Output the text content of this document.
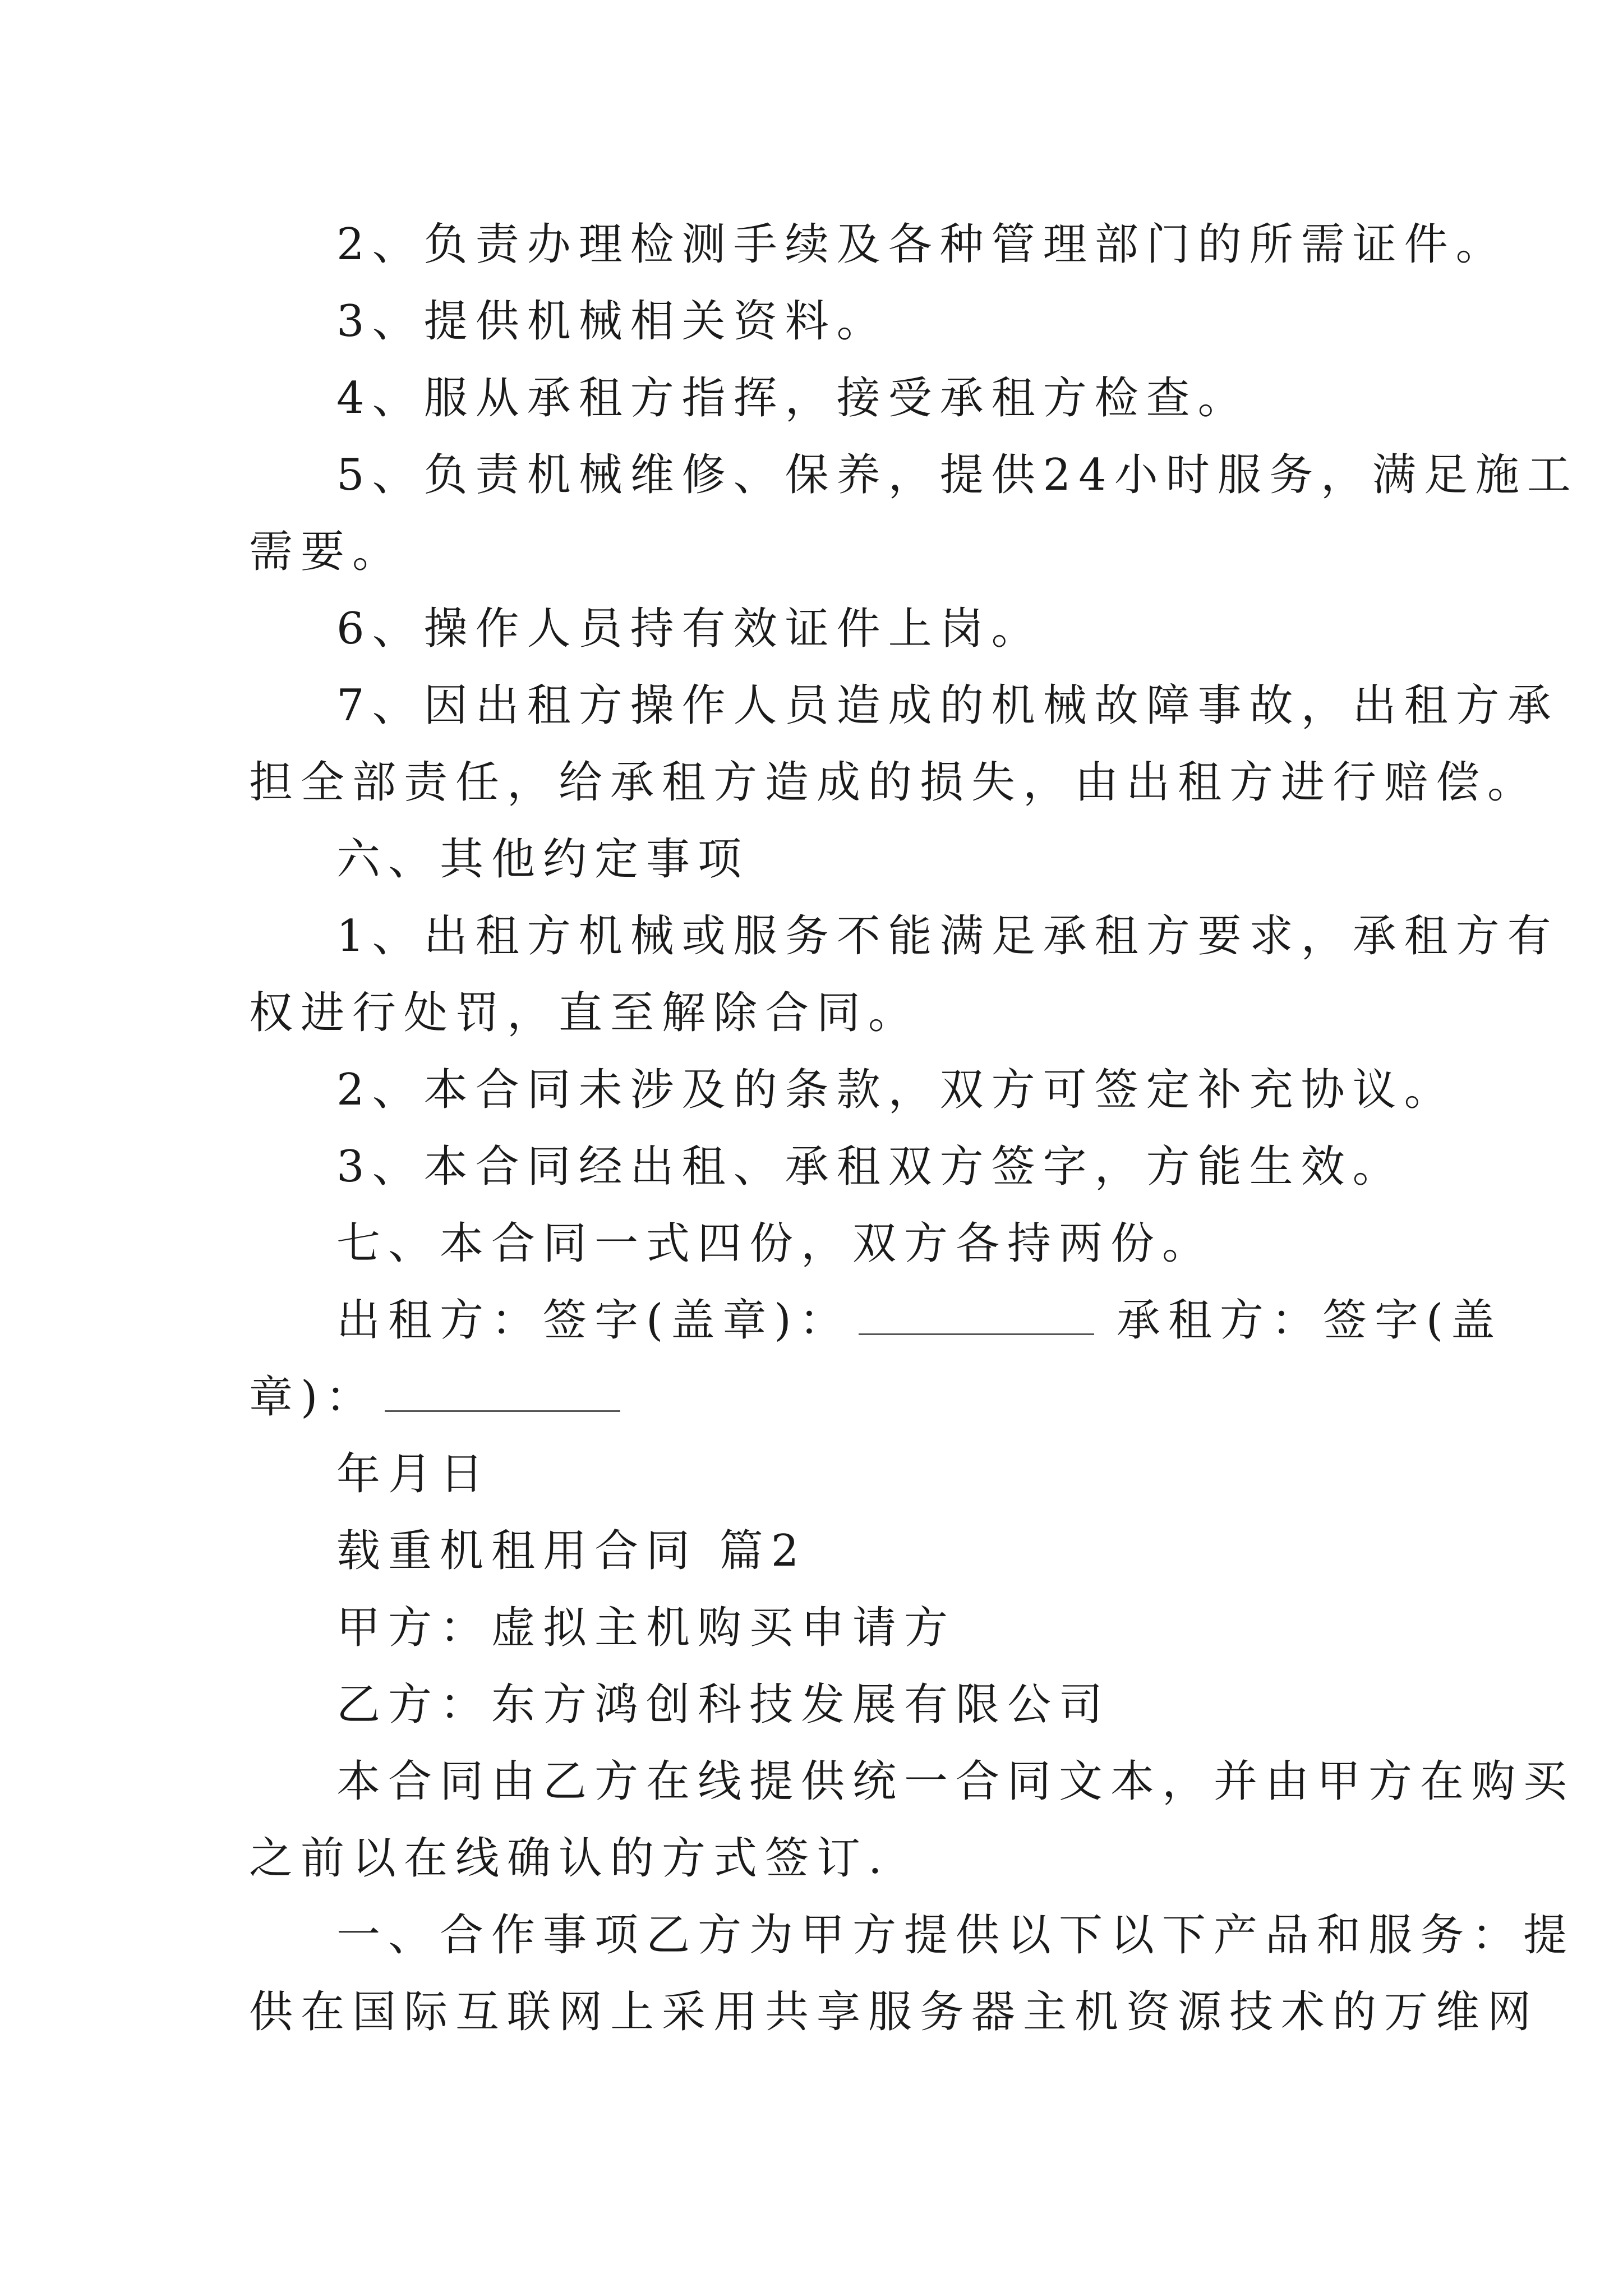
2、负责办理检测手续及各种管理部门的所需证件。
3、提供机械相关资料。
4、服从承租方指挥，接受承租方检查。
5、负责机械维修、保养，提供24小时服务，满足施工
需要。
6、操作人员持有效证件上岗。
7、因出租方操作人员造成的机械故障事故，出租方承
担全部责任，给承租方造成的损失，由出租方进行赔偿。
六、其他约定事项
1、出租方机械或服务不能满足承租方要求，承租方有
权进行处罚，直至解除合同。
2、本合同未涉及的条款，双方可签定补充协议。
3、本合同经出租、承租双方签字，方能生效。
七、本合同一式四份，双方各持两份。
出租方：签字(盖章)：	承租方：签字(盖
章)：
年月日
载重机租用合同 篇2
甲方：虚拟主机购买申请方
乙方：东方鸿创科技发展有限公司
本合同由乙方在线提供统一合同文本，并由甲方在购买
之前以在线确认的方式签订.
一、合作事项乙方为甲方提供以下以下产品和服务：提
供在国际互联网上采用共享服务器主机资源技术的万维网
